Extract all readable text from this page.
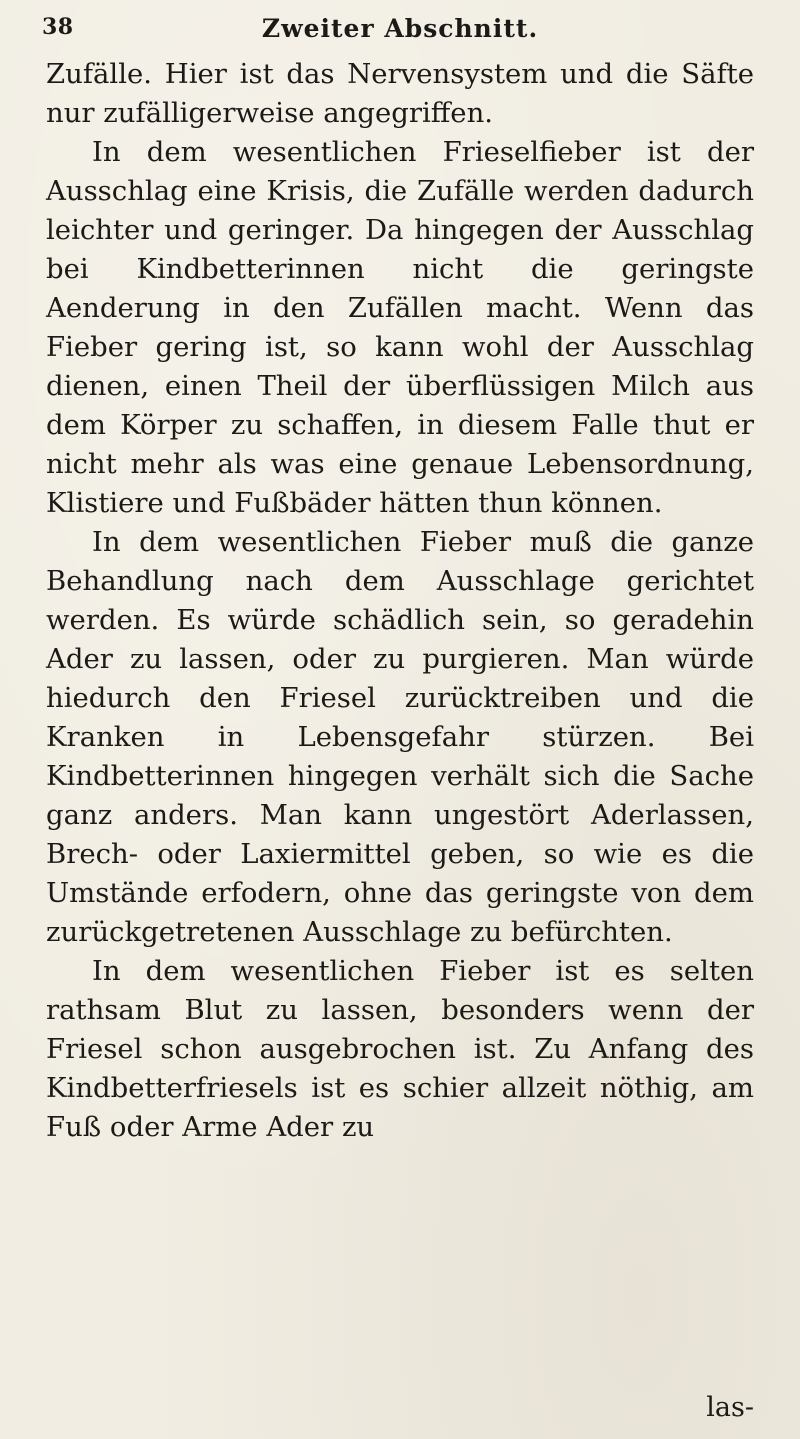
38	Zweiter Abschnitt.

Zufälle. Hier ist das Nervensystem und die Säfte nur zufälligerweise angegriffen.

In dem wesentlichen Frieselfieber ist der Ausschlag eine Krisis, die Zufälle werden dadurch leichter und geringer. Da hingegen der Ausschlag bei Kindbetterinnen nicht die geringste Aenderung in den Zufällen macht. Wenn das Fieber gering ist, so kann wohl der Ausschlag dienen, einen Theil der überflüssigen Milch aus dem Körper zu schaffen, in diesem Falle thut er nicht mehr als was eine genaue Lebensordnung, Klistiere und Fußbäder hätten thun können.

In dem wesentlichen Fieber muß die ganze Behandlung nach dem Ausschlage gerichtet werden. Es würde schädlich sein, so geradehin Ader zu lassen, oder zu purgieren. Man würde hiedurch den Friesel zurücktreiben und die Kranken in Lebensgefahr stürzen. Bei Kindbetterinnen hingegen verhält sich die Sache ganz anders. Man kann ungestört Aderlassen, Brech- oder Laxiermittel geben, so wie es die Umstände erfodern, ohne das geringste von dem zurückgetretenen Ausschlage zu befürchten.

In dem wesentlichen Fieber ist es selten rathsam Blut zu lassen, besonders wenn der Friesel schon ausgebrochen ist. Zu Anfang des Kindbetterfriesels ist es schier allzeit nöthig, am Fuß oder Arme Ader zu

las-
